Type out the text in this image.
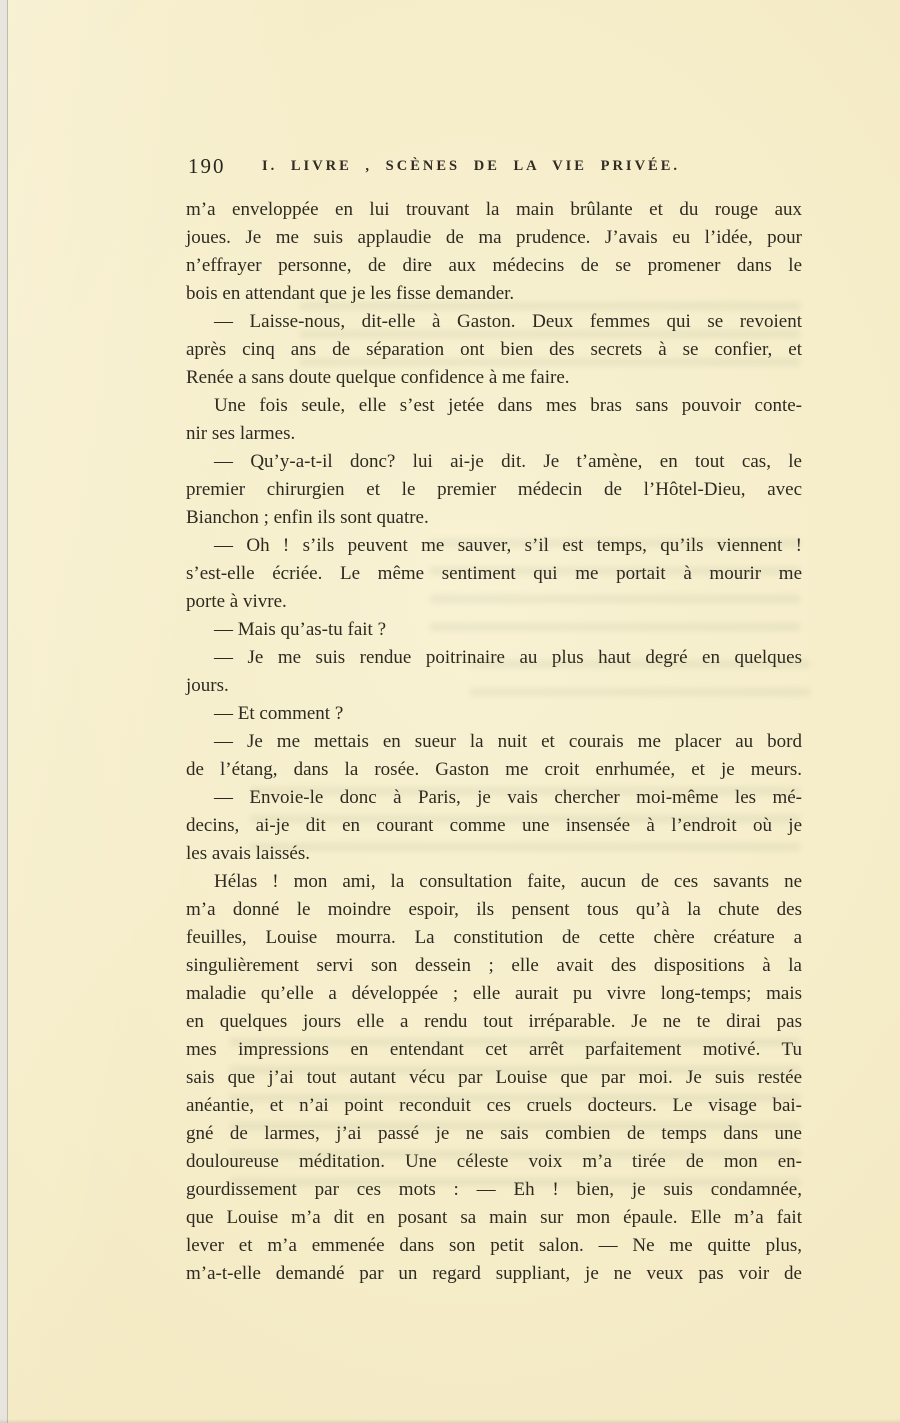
190	I. LIVRE , SCÈNES DE LA VIE PRIVÉE.
m’a enveloppée en lui trouvant la main brûlante et du rouge aux
joues. Je me suis applaudie de ma prudence. J’avais eu l’idée, pour
n’effrayer personne, de dire aux médecins de se promener dans le
bois en attendant que je les fisse demander.
— Laisse-nous, dit-elle à Gaston. Deux femmes qui se revoient
après cinq ans de séparation ont bien des secrets à se confier, et
Renée a sans doute quelque confidence à me faire.
Une fois seule, elle s’est jetée dans mes bras sans pouvoir conte-
nir ses larmes.
— Qu’y-a-t-il donc? lui ai-je dit. Je t’amène, en tout cas, le
premier chirurgien et le premier médecin de l’Hôtel-Dieu, avec
Bianchon ; enfin ils sont quatre.
— Oh ! s’ils peuvent me sauver, s’il est temps, qu’ils viennent !
s’est-elle écriée. Le même sentiment qui me portait à mourir me
porte à vivre.
— Mais qu’as-tu fait ?
— Je me suis rendue poitrinaire au plus haut degré en quelques
jours.
— Et comment ?
— Je me mettais en sueur la nuit et courais me placer au bord
de l’étang, dans la rosée. Gaston me croit enrhumée, et je meurs.
— Envoie-le donc à Paris, je vais chercher moi-même les mé-
decins, ai-je dit en courant comme une insensée à l’endroit où je
les avais laissés.
Hélas ! mon ami, la consultation faite, aucun de ces savants ne
m’a donné le moindre espoir, ils pensent tous qu’à la chute des
feuilles, Louise mourra. La constitution de cette chère créature a
singulièrement servi son dessein ; elle avait des dispositions à la
maladie qu’elle a développée ; elle aurait pu vivre long-temps; mais
en quelques jours elle a rendu tout irréparable. Je ne te dirai pas
mes impressions en entendant cet arrêt parfaitement motivé. Tu
sais que j’ai tout autant vécu par Louise que par moi. Je suis restée
anéantie, et n’ai point reconduit ces cruels docteurs. Le visage bai-
gné de larmes, j’ai passé je ne sais combien de temps dans une
douloureuse méditation. Une céleste voix m’a tirée de mon en-
gourdissement par ces mots : — Eh ! bien, je suis condamnée,
que Louise m’a dit en posant sa main sur mon épaule. Elle m’a fait
lever et m’a emmenée dans son petit salon. — Ne me quitte plus,
m’a-t-elle demandé par un regard suppliant, je ne veux pas voir de
